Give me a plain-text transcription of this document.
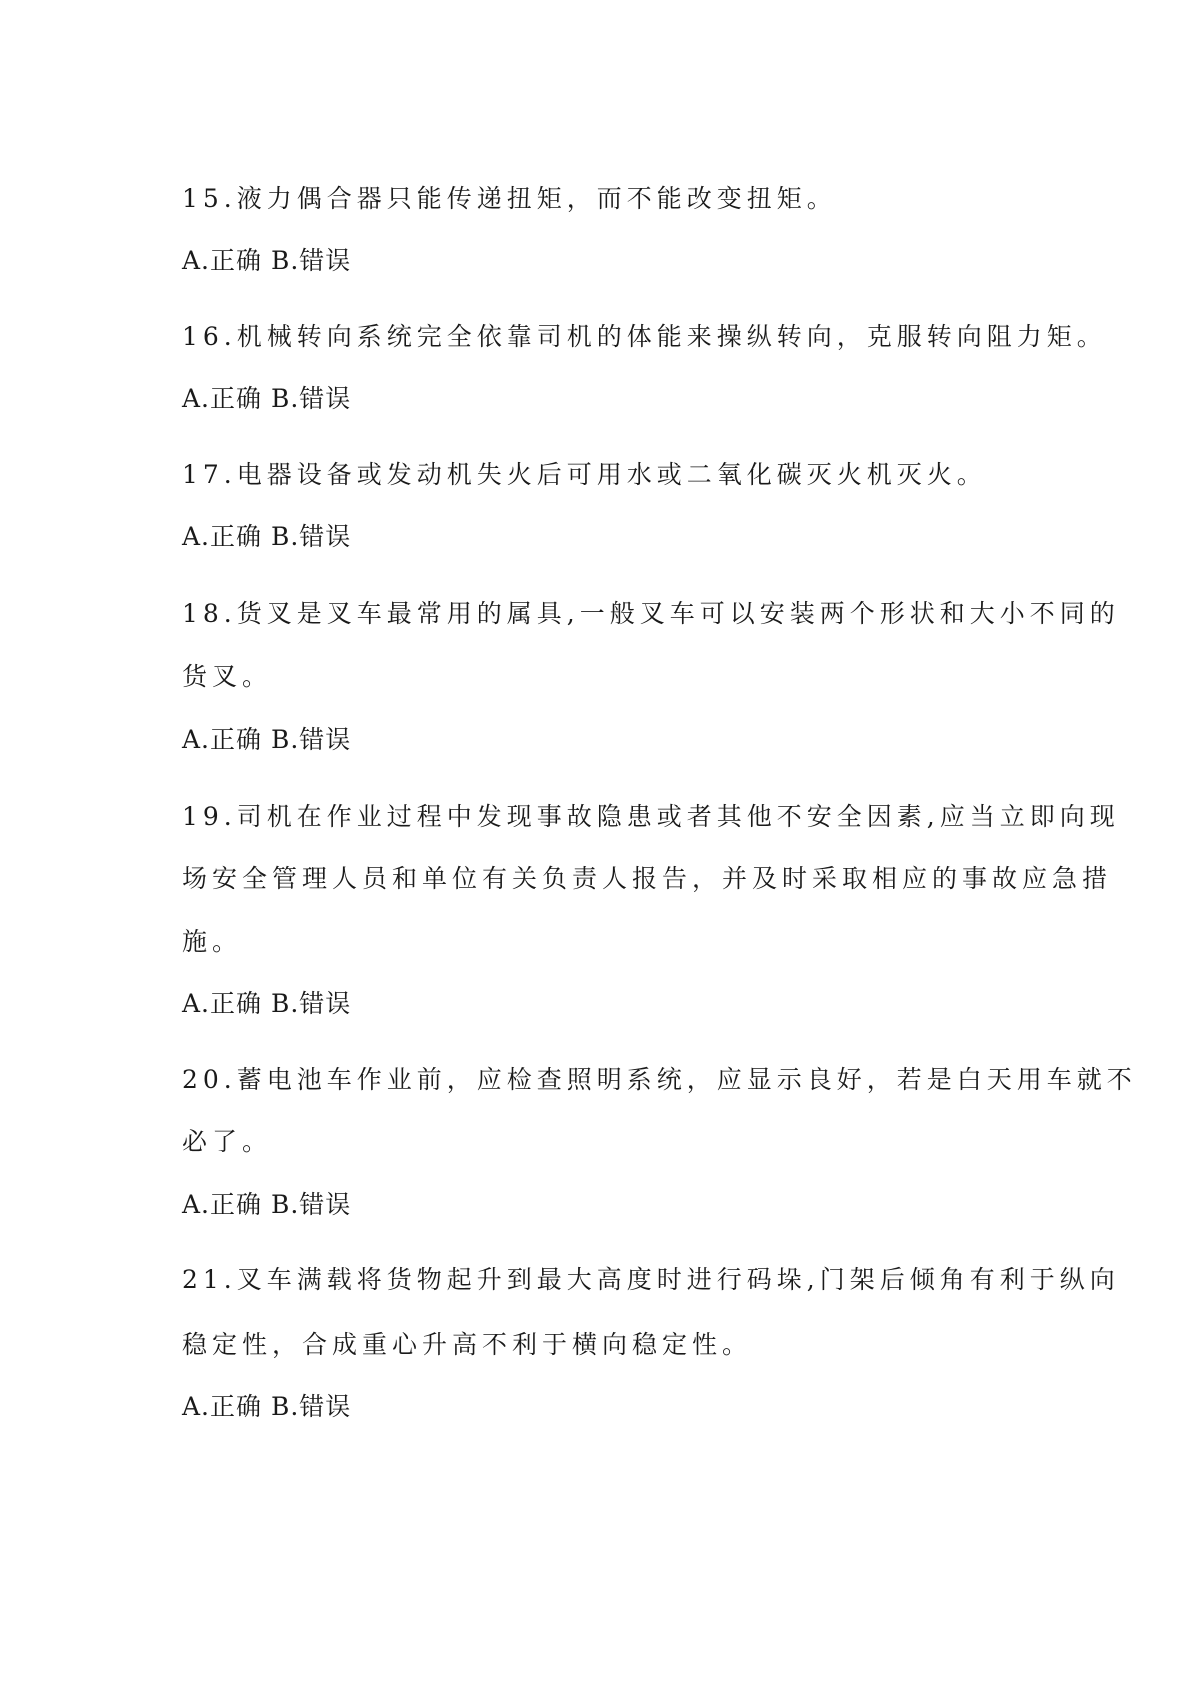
15.液力偶合器只能传递扭矩，而不能改变扭矩。
A.正确 B.错误
16.机械转向系统完全依靠司机的体能来操纵转向，克服转向阻力矩。
A.正确 B.错误
17.电器设备或发动机失火后可用水或二氧化碳灭火机灭火。
A.正确 B.错误
18.货叉是叉车最常用的属具,一般叉车可以安装两个形状和大小不同的
货叉。
A.正确 B.错误
19.司机在作业过程中发现事故隐患或者其他不安全因素,应当立即向现
场安全管理人员和单位有关负责人报告，并及时采取相应的事故应急措
施。
A.正确 B.错误
20.蓄电池车作业前，应检查照明系统，应显示良好，若是白天用车就不
必了。
A.正确 B.错误
21.叉车满载将货物起升到最大高度时进行码垛,门架后倾角有利于纵向
稳定性，合成重心升高不利于横向稳定性。
A.正确 B.错误
